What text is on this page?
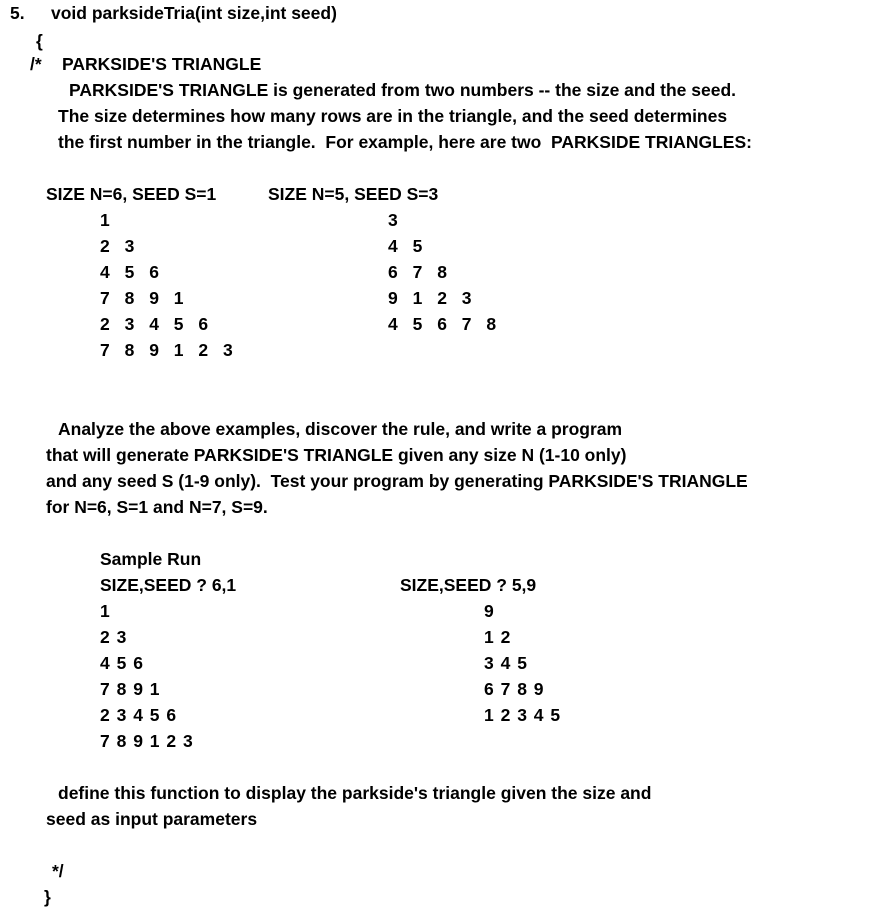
5. void parksideTria(int size,int seed)
{
/* PARKSIDE'S TRIANGLE
PARKSIDE'S TRIANGLE is generated from two numbers -- the size and the seed.
The size determines how many rows are in the triangle, and the seed determines
the first number in the triangle.  For example, here are two  PARKSIDE TRIANGLES:
SIZE N=6, SEED S=1	SIZE N=5, SEED S=3
1
2 3
4 5 6
7 8 9 1
2 3 4 5 6
7 8 9 1 2 3
3
4 5
6 7 8
9 1 2 3
4 5 6 7 8
Analyze the above examples, discover the rule, and write a program
that will generate PARKSIDE'S TRIANGLE given any size N (1-10 only)
and any seed S (1-9 only).  Test your program by generating PARKSIDE'S TRIANGLE
for N=6, S=1 and N=7, S=9.
Sample Run
SIZE,SEED ? 6,1	SIZE,SEED ? 5,9
1
2 3
4 5 6
7 8 9 1
2 3 4 5 6
7 8 9 1 2 3
9
1 2
3 4 5
6 7 8 9
1 2 3 4 5
define this function to display the parkside's triangle given the size and
seed as input parameters
*/
}
